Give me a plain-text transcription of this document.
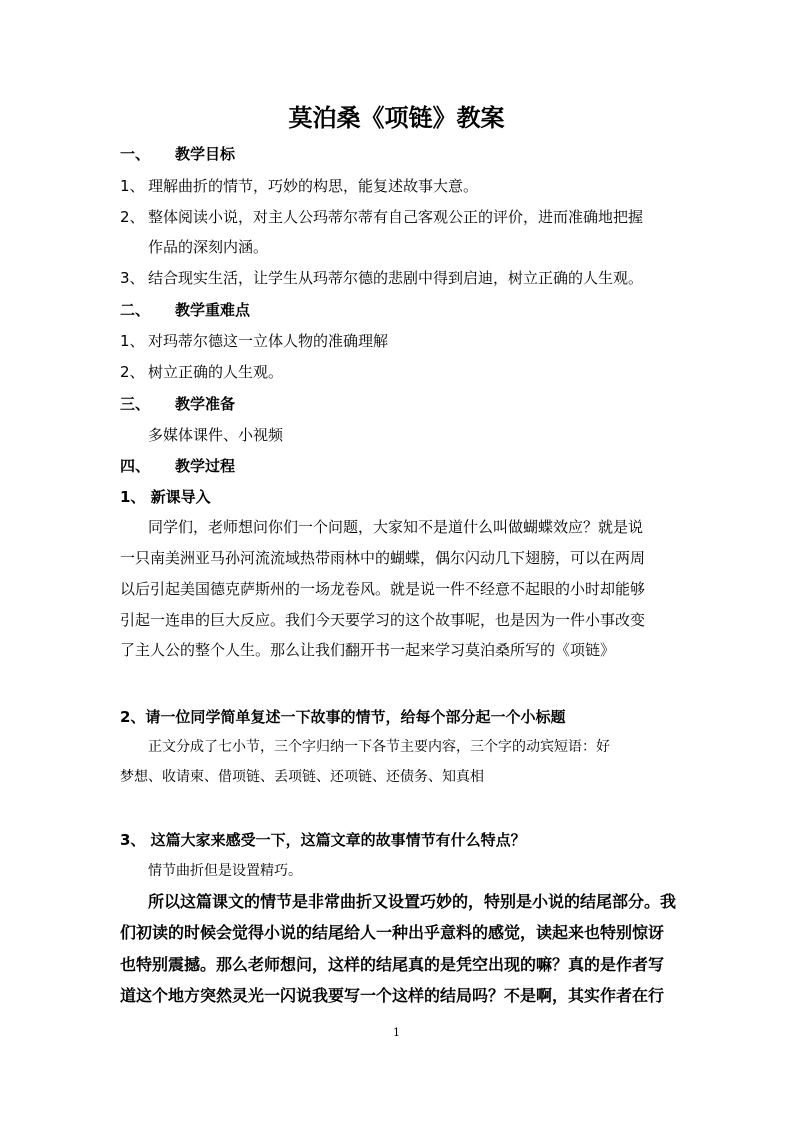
莫泊桑《项链》教案
一、 教学目标
1、 理解曲折的情节，巧妙的构思，能复述故事大意。
2、 整体阅读小说，对主人公玛蒂尔蒂有自己客观公正的评价，进而准确地把握
作品的深刻内涵。
3、 结合现实生活，让学生从玛蒂尔德的悲剧中得到启迪，树立正确的人生观。
二、 教学重难点
1、 对玛蒂尔德这一立体人物的准确理解
2、 树立正确的人生观。
三、 教学准备
多媒体课件、小视频
四、 教学过程
1、 新课导入
同学们，老师想问你们一个问题，大家知不是道什么叫做蝴蝶效应？就是说
一只南美洲亚马孙河流流域热带雨林中的蝴蝶，偶尔闪动几下翅膀，可以在两周
以后引起美国德克萨斯州的一场龙卷风。就是说一件不经意不起眼的小时却能够
引起一连串的巨大反应。我们今天要学习的这个故事呢，也是因为一件小事改变
了主人公的整个人生。那么让我们翻开书一起来学习莫泊桑所写的《项链》
2、请一位同学简单复述一下故事的情节，给每个部分起一个小标题
正文分成了七小节，三个字归纳一下各节主要内容，三个字的动宾短语：好
梦想、收请柬、借项链、丢项链、还项链、还债务、知真相
3、 这篇大家来感受一下，这篇文章的故事情节有什么特点？
情节曲折但是设置精巧。
所以这篇课文的情节是非常曲折又设置巧妙的，特别是小说的结尾部分。我
们初读的时候会觉得小说的结尾给人一种出乎意料的感觉，读起来也特别惊讶
也特别震撼。那么老师想问，这样的结尾真的是凭空出现的嘛？真的是作者写
道这个地方突然灵光一闪说我要写一个这样的结局吗？不是啊，其实作者在行
1
